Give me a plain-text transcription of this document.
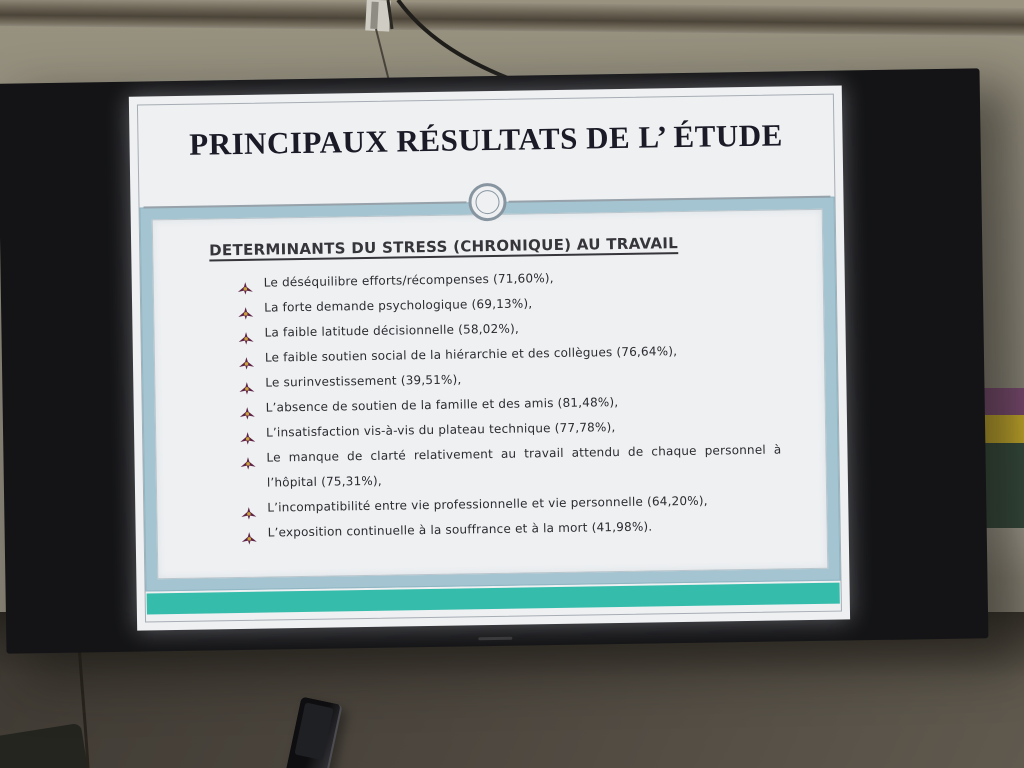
PRINCIPAUX RÉSULTATS DE L’ ÉTUDE
DETERMINANTS DU STRESS (CHRONIQUE) AU TRAVAIL
Le déséquilibre efforts/récompenses (71,60%),
La forte demande psychologique (69,13%),
La faible latitude décisionnelle (58,02%),
Le faible soutien social de la hiérarchie et des collègues (76,64%),
Le surinvestissement (39,51%),
L’absence de soutien de la famille et des amis (81,48%),
L’insatisfaction vis-à-vis du plateau technique (77,78%),
Le manque de clarté relativement au travail attendu de chaque personnel à l’hôpital (75,31%),
L’incompatibilité entre vie professionnelle et vie personnelle (64,20%),
L’exposition continuelle à la souffrance et à la mort (41,98%).
